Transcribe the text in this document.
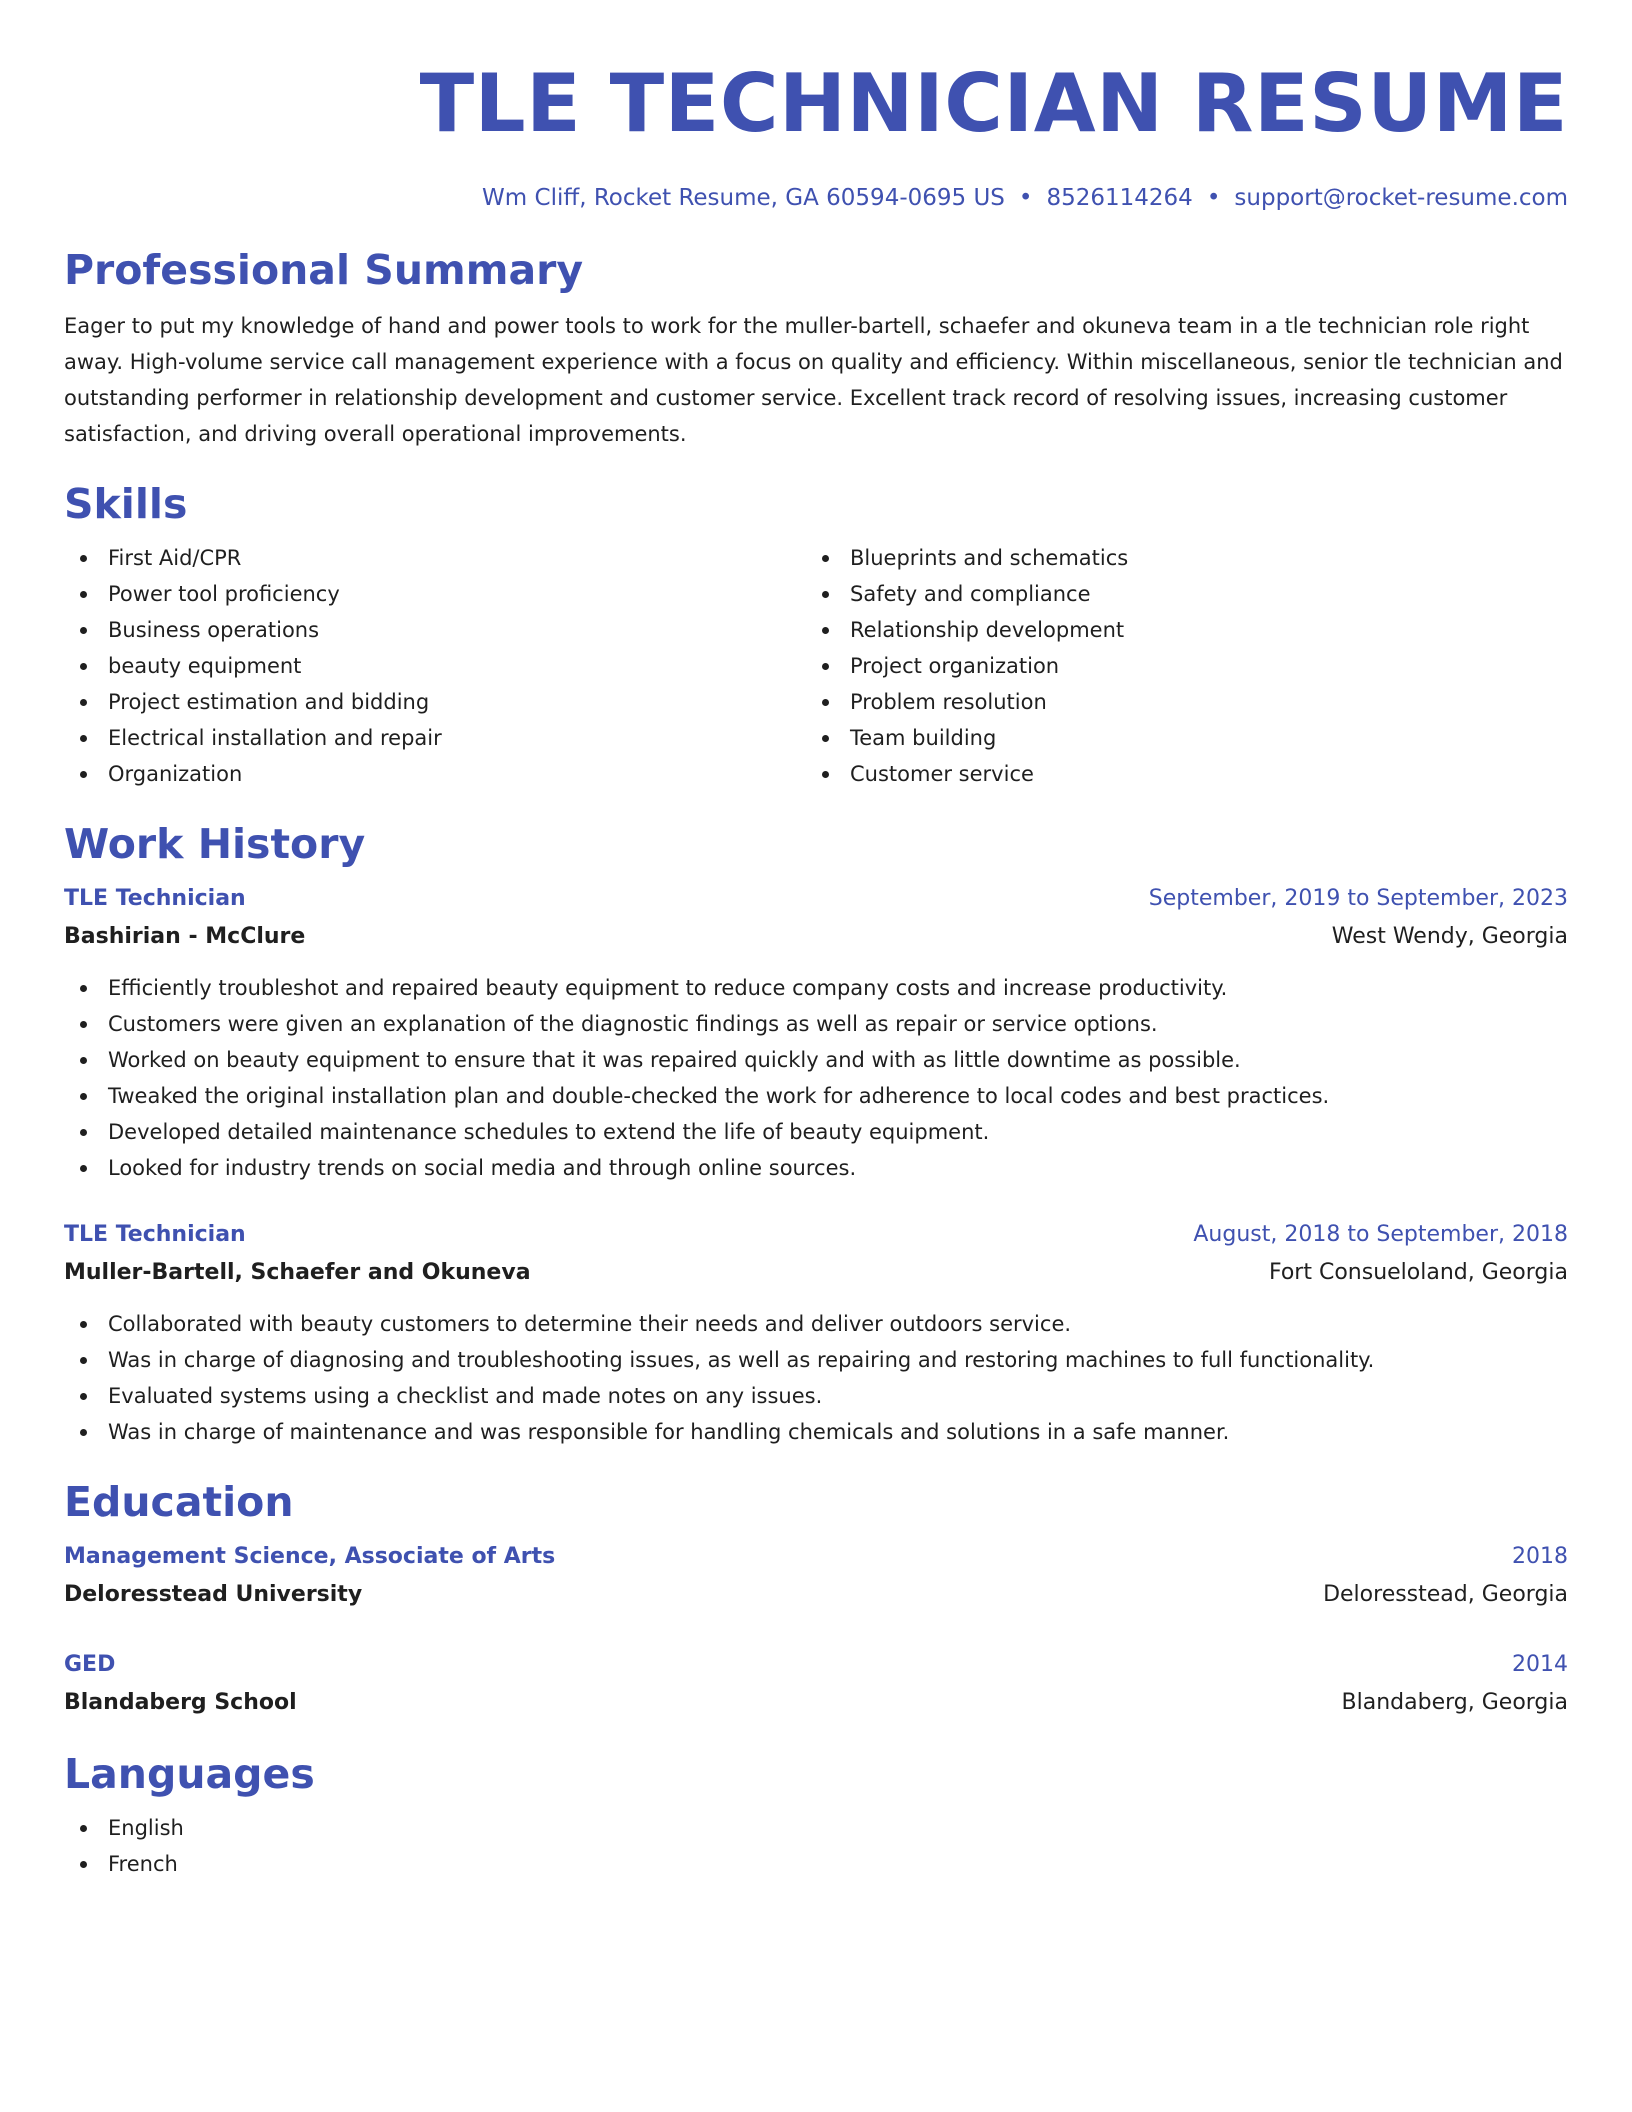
TLE TECHNICIAN RESUME
Wm Cliff, Rocket Resume, GA 60594-0695 US • 8526114264 • support@rocket-resume.com
Professional Summary

Eager to put my knowledge of hand and power tools to work for the muller-bartell, schaefer and okuneva team in a tle technician role right away. High-volume service call management experience with a focus on quality and efficiency. Within miscellaneous, senior tle technician and outstanding performer in relationship development and customer service. Excellent track record of resolving issues, increasing customer satisfaction, and driving overall operational improvements.

Skills
First Aid/CPR
Power tool proficiency
Business operations
beauty equipment
Project estimation and bidding
Electrical installation and repair
Organization
Blueprints and schematics
Safety and compliance
Relationship development
Project organization
Problem resolution
Team building
Customer service
Work History
TLE Technician	September, 2019 to September, 2023
Bashirian - McClure	West Wendy, Georgia
Efficiently troubleshot and repaired beauty equipment to reduce company costs and increase productivity.
Customers were given an explanation of the diagnostic findings as well as repair or service options.
Worked on beauty equipment to ensure that it was repaired quickly and with as little downtime as possible.
Tweaked the original installation plan and double-checked the work for adherence to local codes and best practices.
Developed detailed maintenance schedules to extend the life of beauty equipment.
Looked for industry trends on social media and through online sources.
TLE Technician	August, 2018 to September, 2018
Muller-Bartell, Schaefer and Okuneva	Fort Consueloland, Georgia
Collaborated with beauty customers to determine their needs and deliver outdoors service.
Was in charge of diagnosing and troubleshooting issues, as well as repairing and restoring machines to full functionality.
Evaluated systems using a checklist and made notes on any issues.
Was in charge of maintenance and was responsible for handling chemicals and solutions in a safe manner.
Education
Management Science, Associate of Arts	2018
Deloresstead University	Deloresstead, Georgia
GED	2014
Blandaberg School	Blandaberg, Georgia
Languages
English
French
